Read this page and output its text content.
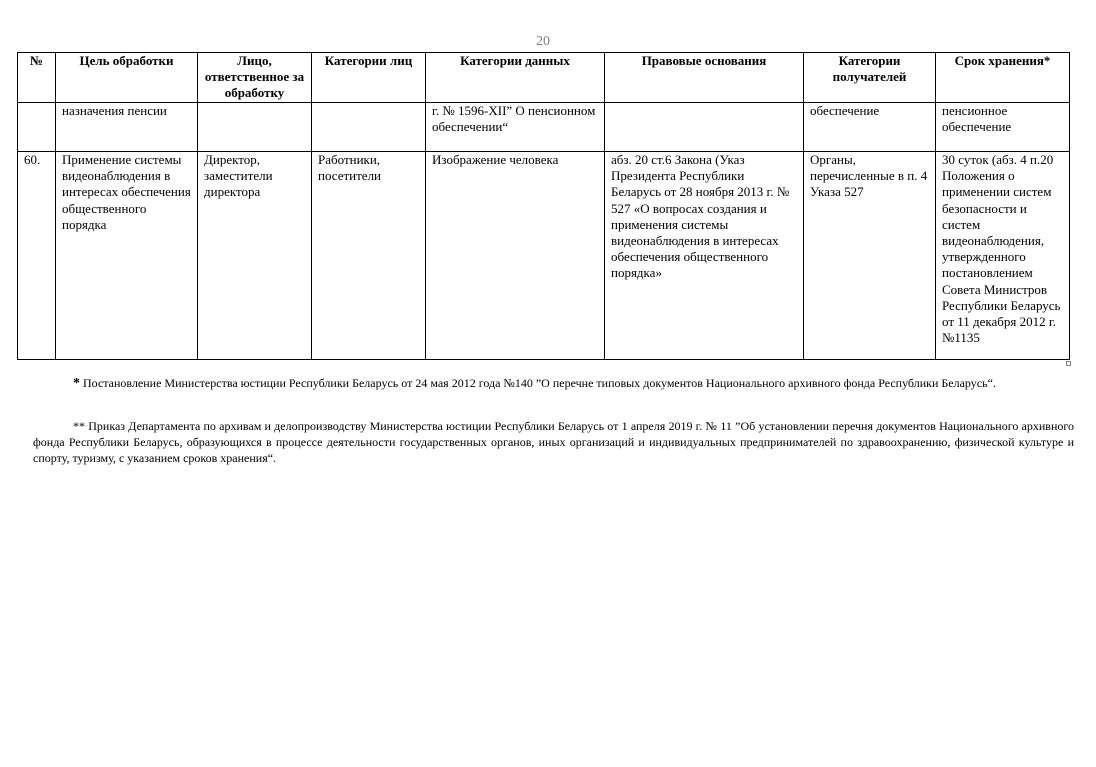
20
№	Цель обработки	Лицо, ответственное за обработку	Категории лиц	Категории данных	Правовые основания	Категории получателей	Срок хранения*
	назначения пенсии			г. № 1596-XII” О пенсионном обеспечении“		обеспечение	пенсионное обеспечение
60.	Применение системы видеонаблюдения в интересах обеспечения общественного порядка	Директор, заместители директора	Работники, посетители	Изображение человека	абз. 20 ст.6 Закона (Указ Президента Республики Беларусь от 28 ноября 2013 г. № 527 «О вопросах создания и применения системы видеонаблюдения в интересах обеспечения общественного порядка»	Органы, перечисленные в п. 4 Указа 527	30 суток (абз. 4 п.20 Положения о применении систем безопасности и систем видеонаблюдения, утвержденного постановлением Совета Министров Республики Беларусь от 11 декабря 2012 г. №1135

* Постановление Министерства юстиции Республики Беларусь от 24 мая 2012 года №140 ”О перечне типовых документов Национального архивного фонда Республики Беларусь“.

** Приказ Департамента по архивам и делопроизводству Министерства юстиции Республики Беларусь от 1 апреля 2019 г. № 11 ”Об установлении перечня документов Национального архивного фонда Республики Беларусь, образующихся в процессе деятельности государственных органов, иных организаций и индивидуальных предпринимателей по здравоохранению, физической культуре и спорту, туризму, с указанием сроков хранения“.
